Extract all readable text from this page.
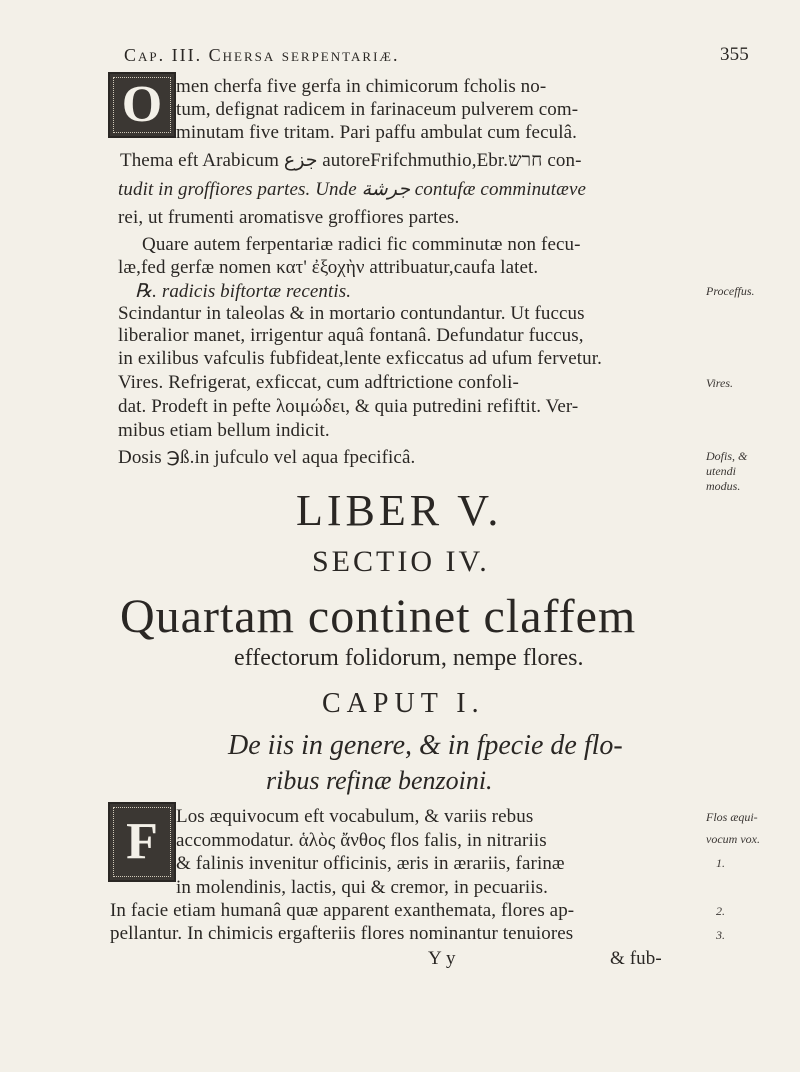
Cap. III. Chersa serpentariæ.	355
O men cherfa five gerfa in chimicorum fcholis no-
tum, defignat radicem in farinaceum pulverem com-
minutam five tritam. Pari paffu ambulat cum feculâ.
Thema eft Arabicum جزع autoreFrifchmuthio,Ebr.חרש con-
tudit in groffiores partes. Unde جرشة contufæ comminutæve
rei, ut frumenti aromatisve groffiores partes.
Quare autem ferpentariæ radici fic comminutæ non fecu-
læ,fed gerfæ nomen κατ' ἐξοχὴν attribuatur,caufa latet.
℞. radicis biftortæ recentis.
Scindantur in taleolas & in mortario contundantur. Ut fuccus
liberalior manet, irrigentur aquâ fontanâ. Defundatur fuccus,
in exilibus vafculis fubfideat,lente exficcatus ad ufum fervetur.
Vires. Refrigerat, exficcat, cum adftrictione confoli-
dat. Prodeft in pefte λοιμώδει, & quia putredini refiftit. Ver-
mibus etiam bellum indicit.
Dosis ℈ß.in jufculo vel aqua fpecificâ.
Proceffus.
Vires.
Dofis, &
utendi
modus.
LIBER V.
SECTIO IV.
Quartam continet claffem
effectorum folidorum, nempe flores.
CAPUT I.
De iis in genere, & in fpecie de flo-
ribus refinæ benzoini.
F Los æquivocum eft vocabulum, & variis rebus
accommodatur. ἁλὸς ἄνθος flos falis, in nitrariis
& falinis invenitur officinis, æris in ærariis, farinæ
in molendinis, lactis, qui & cremor, in pecuariis.
In facie etiam humanâ quæ apparent exanthemata, flores ap-
pellantur. In chimicis ergafteriis flores nominantur tenuiores
& fub-
Y y
Flos æqui-
vocum vox.
1.
2.
3.
